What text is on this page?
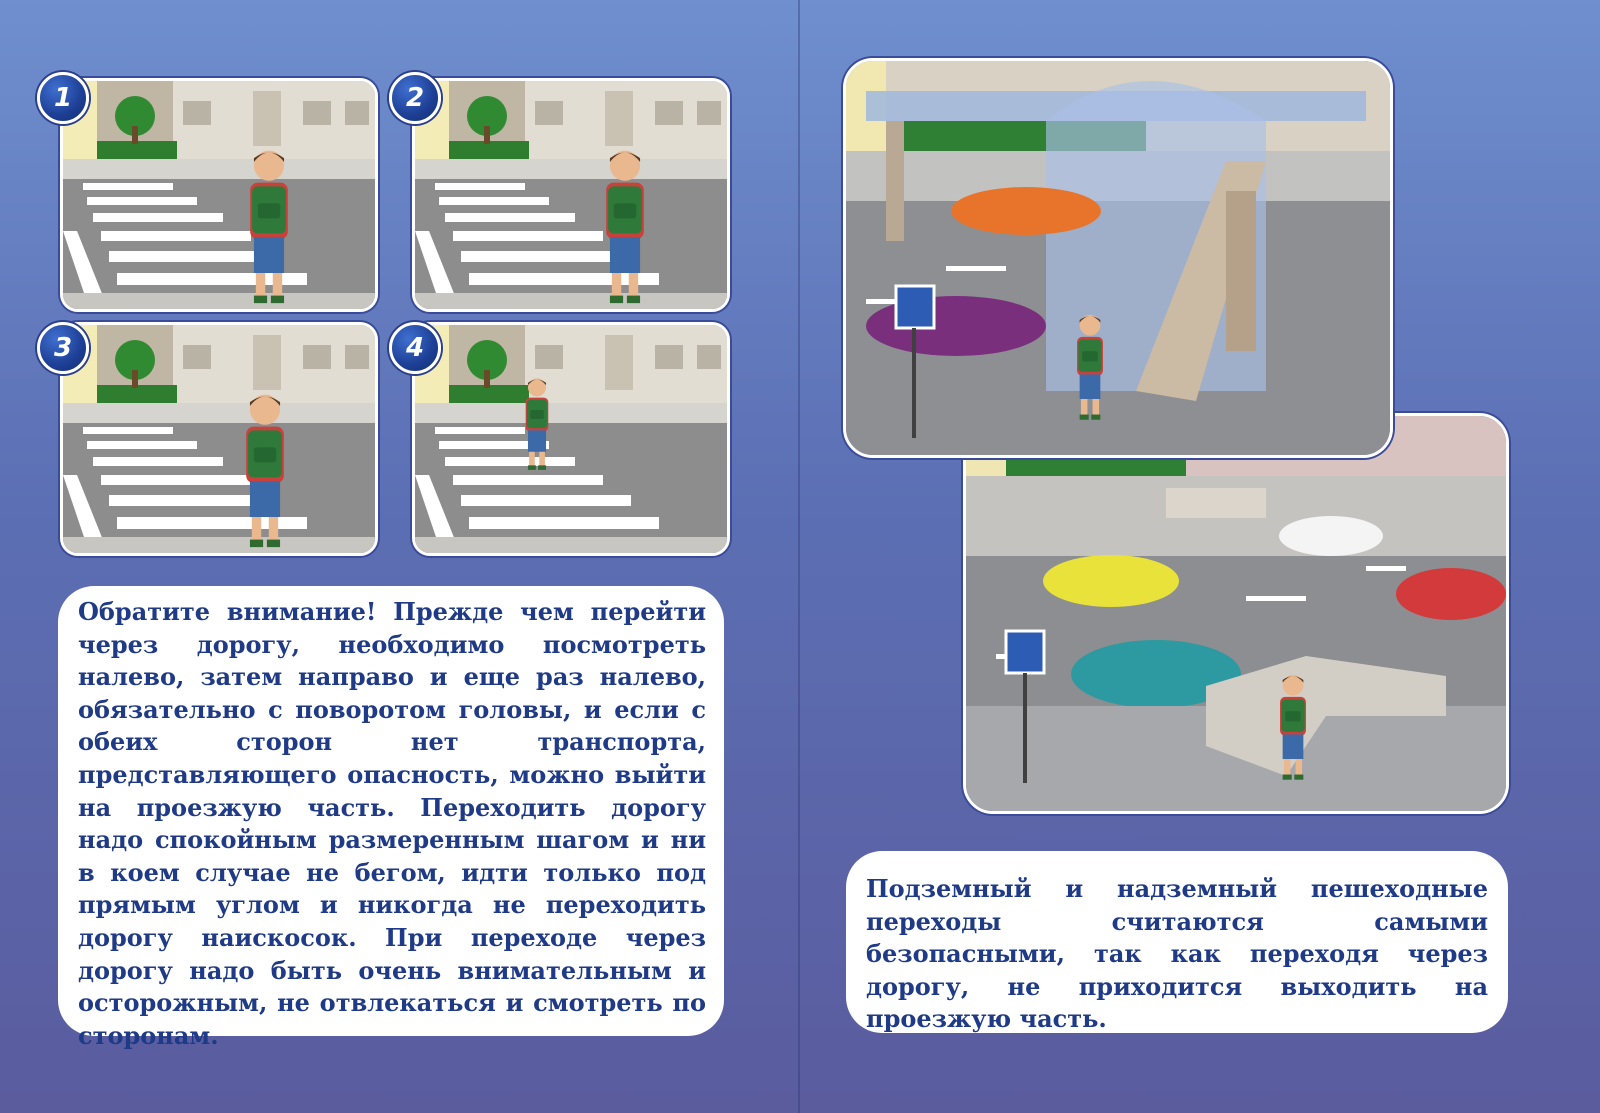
1	2
3	4

Обратите внимание! Прежде чем перейти через дорогу, необходимо посмотреть налево, затем направо и еще раз налево, обязательно с поворотом головы, и если с обеих сторон нет транспорта, представляющего опасность, можно выйти на проезжую часть. Переходить дорогу надо спокойным размеренным шагом и ни в коем случае не бегом, идти только под прямым углом и никогда не переходить дорогу наискосок. При переходе через дорогу надо быть очень внимательным и осторожным, не отвлекаться и смотреть по сторонам.

Подземный и надземный пешеходные переходы считаются самыми безопасными, так как переходя через дорогу, не приходится выходить на проезжую часть.
